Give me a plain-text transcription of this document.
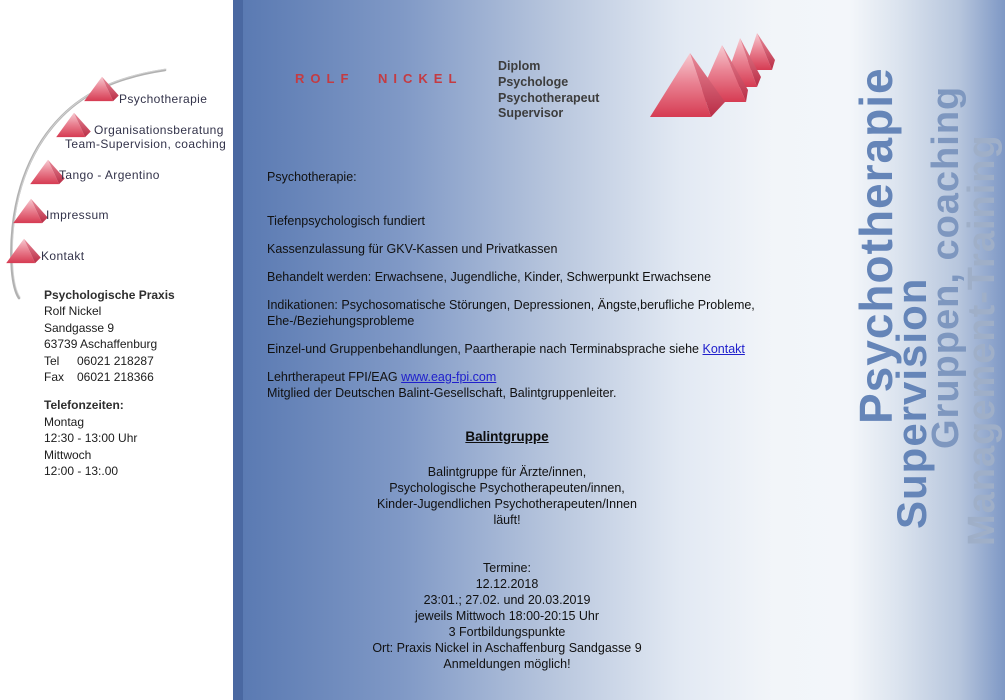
Psychotherapie
Organisationsberatung
Team-Supervision, coaching
Tango - Argentino
Impressum
Kontakt
Psychologische Praxis
Rolf Nickel
Sandgasse 9
63739 Aschaffenburg
Tel 06021 218287
Fax 06021 218366
Telefonzeiten:
Montag
12:30 - 13:00 Uhr
Mittwoch
12:00 - 13:.00
ROLF NICKEL
Diplom
Psychologe
Psychotherapeut
Supervisor
Psychotherapie:
Tiefenpsychologisch fundiert
Kassenzulassung für GKV-Kassen und Privatkassen
Behandelt werden: Erwachsene, Jugendliche, Kinder, Schwerpunkt Erwachsene
Indikationen: Psychosomatische Störungen, Depressionen, Ängste,berufliche Probleme,
Ehe-/Beziehungsprobleme
Einzel-und Gruppenbehandlungen, Paartherapie nach Terminabsprache siehe Kontakt
Lehrtherapeut FPI/EAG www.eag-fpi.com
Mitglied der Deutschen Balint-Gesellschaft, Balintgruppenleiter.
Balintgruppe
Balintgruppe für Ärzte/innen,
Psychologische Psychotherapeuten/innen,
Kinder-Jugendlichen Psychotherapeuten/Innen
läuft!
Termine:
12.12.2018
23:01.; 27.02. und 20.03.2019
jeweils Mittwoch 18:00-20:15 Uhr
3 Fortbildungspunkte
Ort: Praxis Nickel in Aschaffenburg Sandgasse 9
Anmeldungen möglich!
Psychotherapie
Supervision
Gruppen, coaching
Management-Training
